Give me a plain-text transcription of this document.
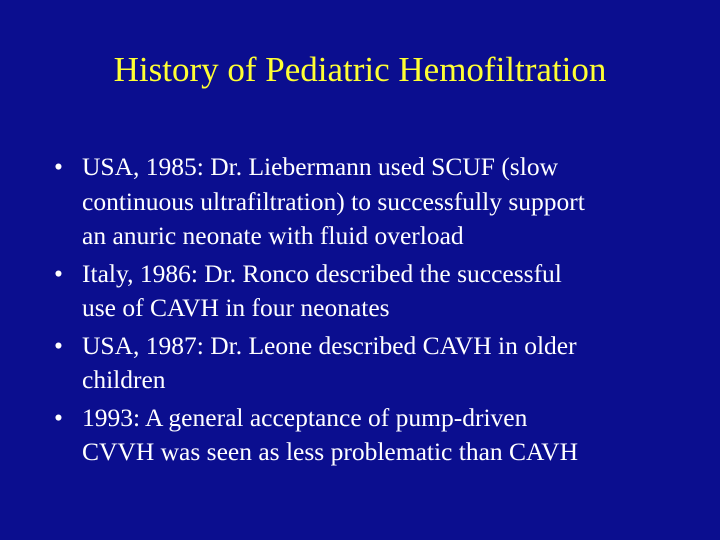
History of Pediatric Hemofiltration
• USA, 1985: Dr. Liebermann used SCUF (slow
continuous ultrafiltration) to successfully support
an anuric neonate with fluid overload
• Italy, 1986: Dr. Ronco described the successful
use of CAVH in four neonates
• USA, 1987: Dr. Leone described CAVH in older
children
• 1993: A general acceptance of pump-driven
CVVH was seen as less problematic than CAVH
